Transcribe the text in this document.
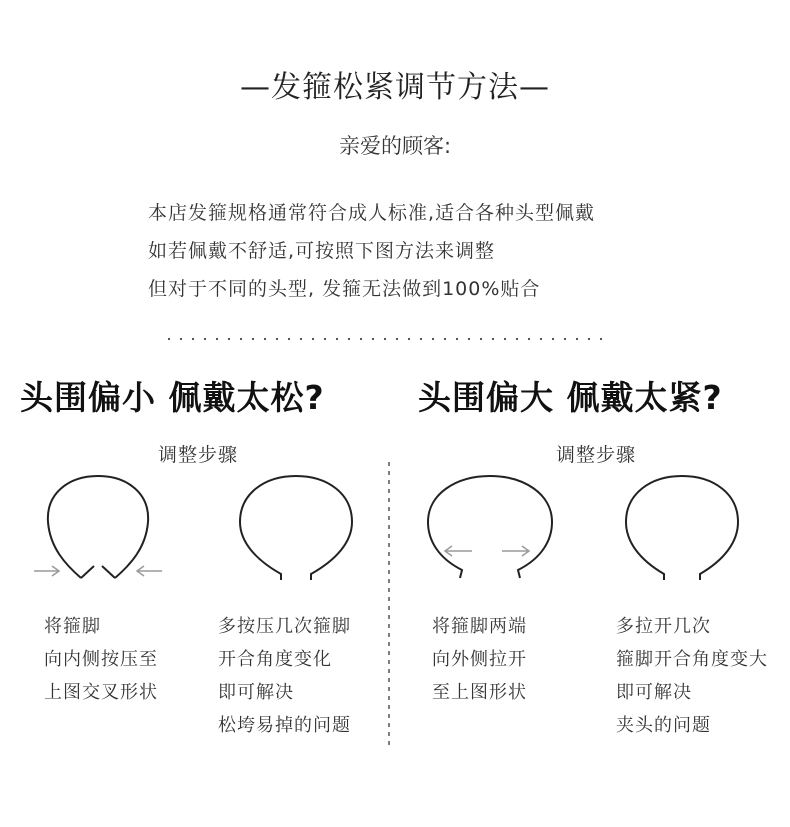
—发箍松紧调节方法—
亲爱的顾客:
本店发箍规格通常符合成人标准,适合各种头型佩戴
如若佩戴不舒适,可按照下图方法来调整
但对于不同的头型, 发箍无法做到100%贴合
头围偏小 佩戴太松?	头围偏大 佩戴太紧?
调整步骤	调整步骤
将箍脚
向内侧按压至
上图交叉形状
多按压几次箍脚
开合角度变化
即可解决
松垮易掉的问题
将箍脚两端
向外侧拉开
至上图形状
多拉开几次
箍脚开合角度变大
即可解决
夹头的问题
